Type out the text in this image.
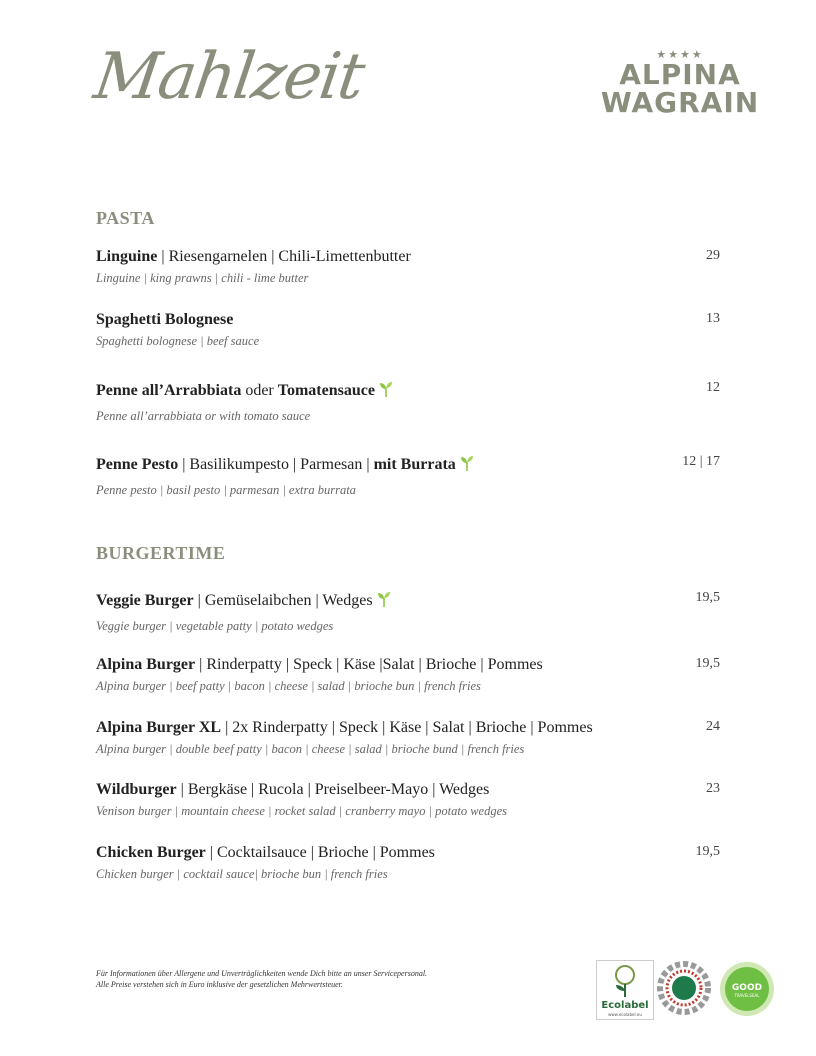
Mahlzeit	★★★★
ALPINA
WAGRAIN
PASTA
Linguine | Riesengarnelen | Chili-Limettenbutter	29
Linguine | king prawns | chili - lime butter
Spaghetti Bolognese	13
Spaghetti bolognese | beef sauce
Penne all’Arrabbiata oder Tomatensauce	12
Penne all’arrabbiata or with tomato sauce
Penne Pesto | Basilikumpesto | Parmesan | mit Burrata	12 | 17
Penne pesto | basil pesto | parmesan | extra burrata
BURGERTIME
Veggie Burger | Gemüselaibchen | Wedges	19,5
Veggie burger | vegetable patty | potato wedges
Alpina Burger | Rinderpatty | Speck | Käse |Salat | Brioche | Pommes	19,5
Alpina burger | beef patty | bacon | cheese | salad | brioche bun | french fries
Alpina Burger XL | 2x Rinderpatty | Speck | Käse | Salat | Brioche | Pommes	24
Alpina burger | double beef patty | bacon | cheese | salad | brioche bund | french fries
Wildburger | Bergkäse | Rucola | Preiselbeer-Mayo | Wedges	23
Venison burger | mountain cheese | rocket salad | cranberry mayo | potato wedges
Chicken Burger | Cocktailsauce | Brioche | Pommes	19,5
Chicken burger | cocktail sauce| brioche bun | french fries
Für Informationen über Allergene und Unverträglichkeiten wende Dich bitte an unser Servicepersonal.
Alle Preise verstehen sich in Euro inklusive der gesetzlichen Mehrwertsteuer.
Ecolabel
www.ecolabel.eu
GOOD
TRAVELSEAL
